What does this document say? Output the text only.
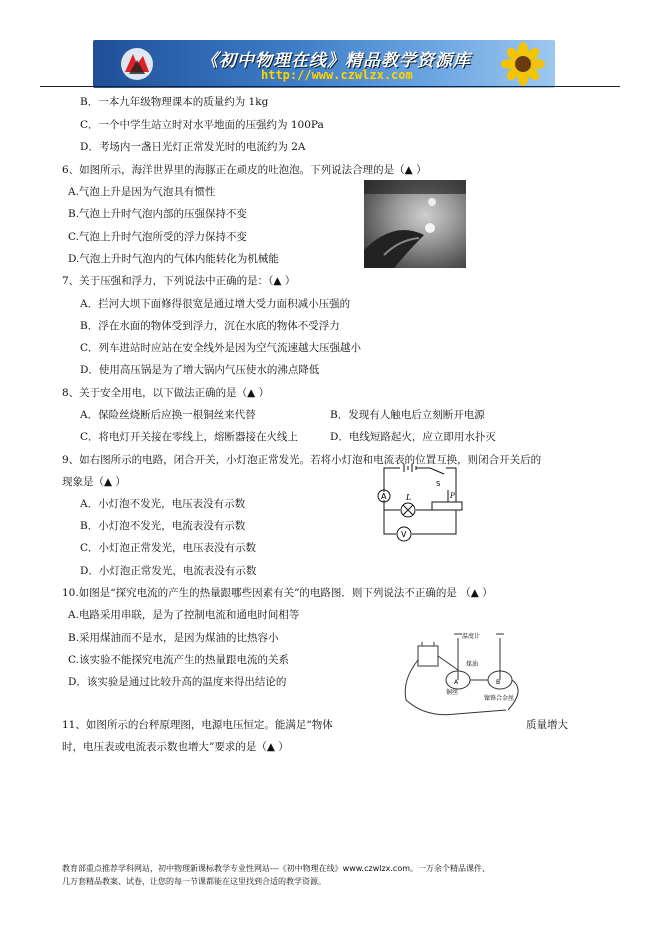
《初中物理在线》精品教学资源库
http://www.czwlzx.com
B．一本九年级物理课本的质量约为 1kg
C．一个中学生站立时对水平地面的压强约为 100Pa
D．考场内一盏日光灯正常发光时的电流约为 2A
6、如图所示，海洋世界里的海豚正在顽皮的吐泡泡。下列说法合理的是（▲ ）
A.气泡上升是因为气泡具有惯性
B.气泡上升时气泡内部的压强保持不变
C.气泡上升时气泡所受的浮力保持不变
D.气泡上升时气泡内的气体内能转化为机械能
7、关于压强和浮力，下列说法中正确的是：（▲ ）
A．拦河大坝下面修得很宽是通过增大受力面积减小压强的
B．浮在水面的物体受到浮力，沉在水底的物体不受浮力
C．列车进站时应站在安全线外是因为空气流速越大压强越小
D．使用高压锅是为了增大锅内气压使水的沸点降低
8、关于安全用电，以下做法正确的是（▲ ）
A．保险丝烧断后应换一根铜丝来代替	B．发现有人触电后立刻断开电源
C．将电灯开关接在零线上，熔断器接在火线上	D．电线短路起火，应立即用水扑灭
9、如右图所示的电路，闭合开关，小灯泡正常发光。若将小灯泡和电流表的位置互换，则闭合开关后的
现象是（▲ ）
A．小灯泡不发光，电压表没有示数
B．小灯泡不发光，电流表没有示数
C．小灯泡正常发光，电压表没有示数
D．小灯泡正常发光，电流表没有示数
A
V
L
S
P
10.如图是“探究电流的产生的热量跟哪些因素有关”的电路图．则下列说法不正确的是 （▲ ）
A.电路采用串联，是为了控制电流和通电时间相等
B.采用煤油而不是水，是因为煤油的比热容小
C.该实验不能探究电流产生的热量跟电流的关系
D．该实验是通过比较升高的温度来得出结论的
温度计
煤油
铜丝
镍铬合金丝
A	B
11、如图所示的台秤原理图，电源电压恒定。能满足“物体	质量增大
时，电压表或电流表示数也增大”要求的是（▲ ）
教育部重点推荐学科网站，初中物理新课标教学专业性网站---《初中物理在线》www.czwlzx.com。一万余个精品课件、
几万套精品教案、试卷，让您的每一节课都能在这里找到合适的教学资源。
